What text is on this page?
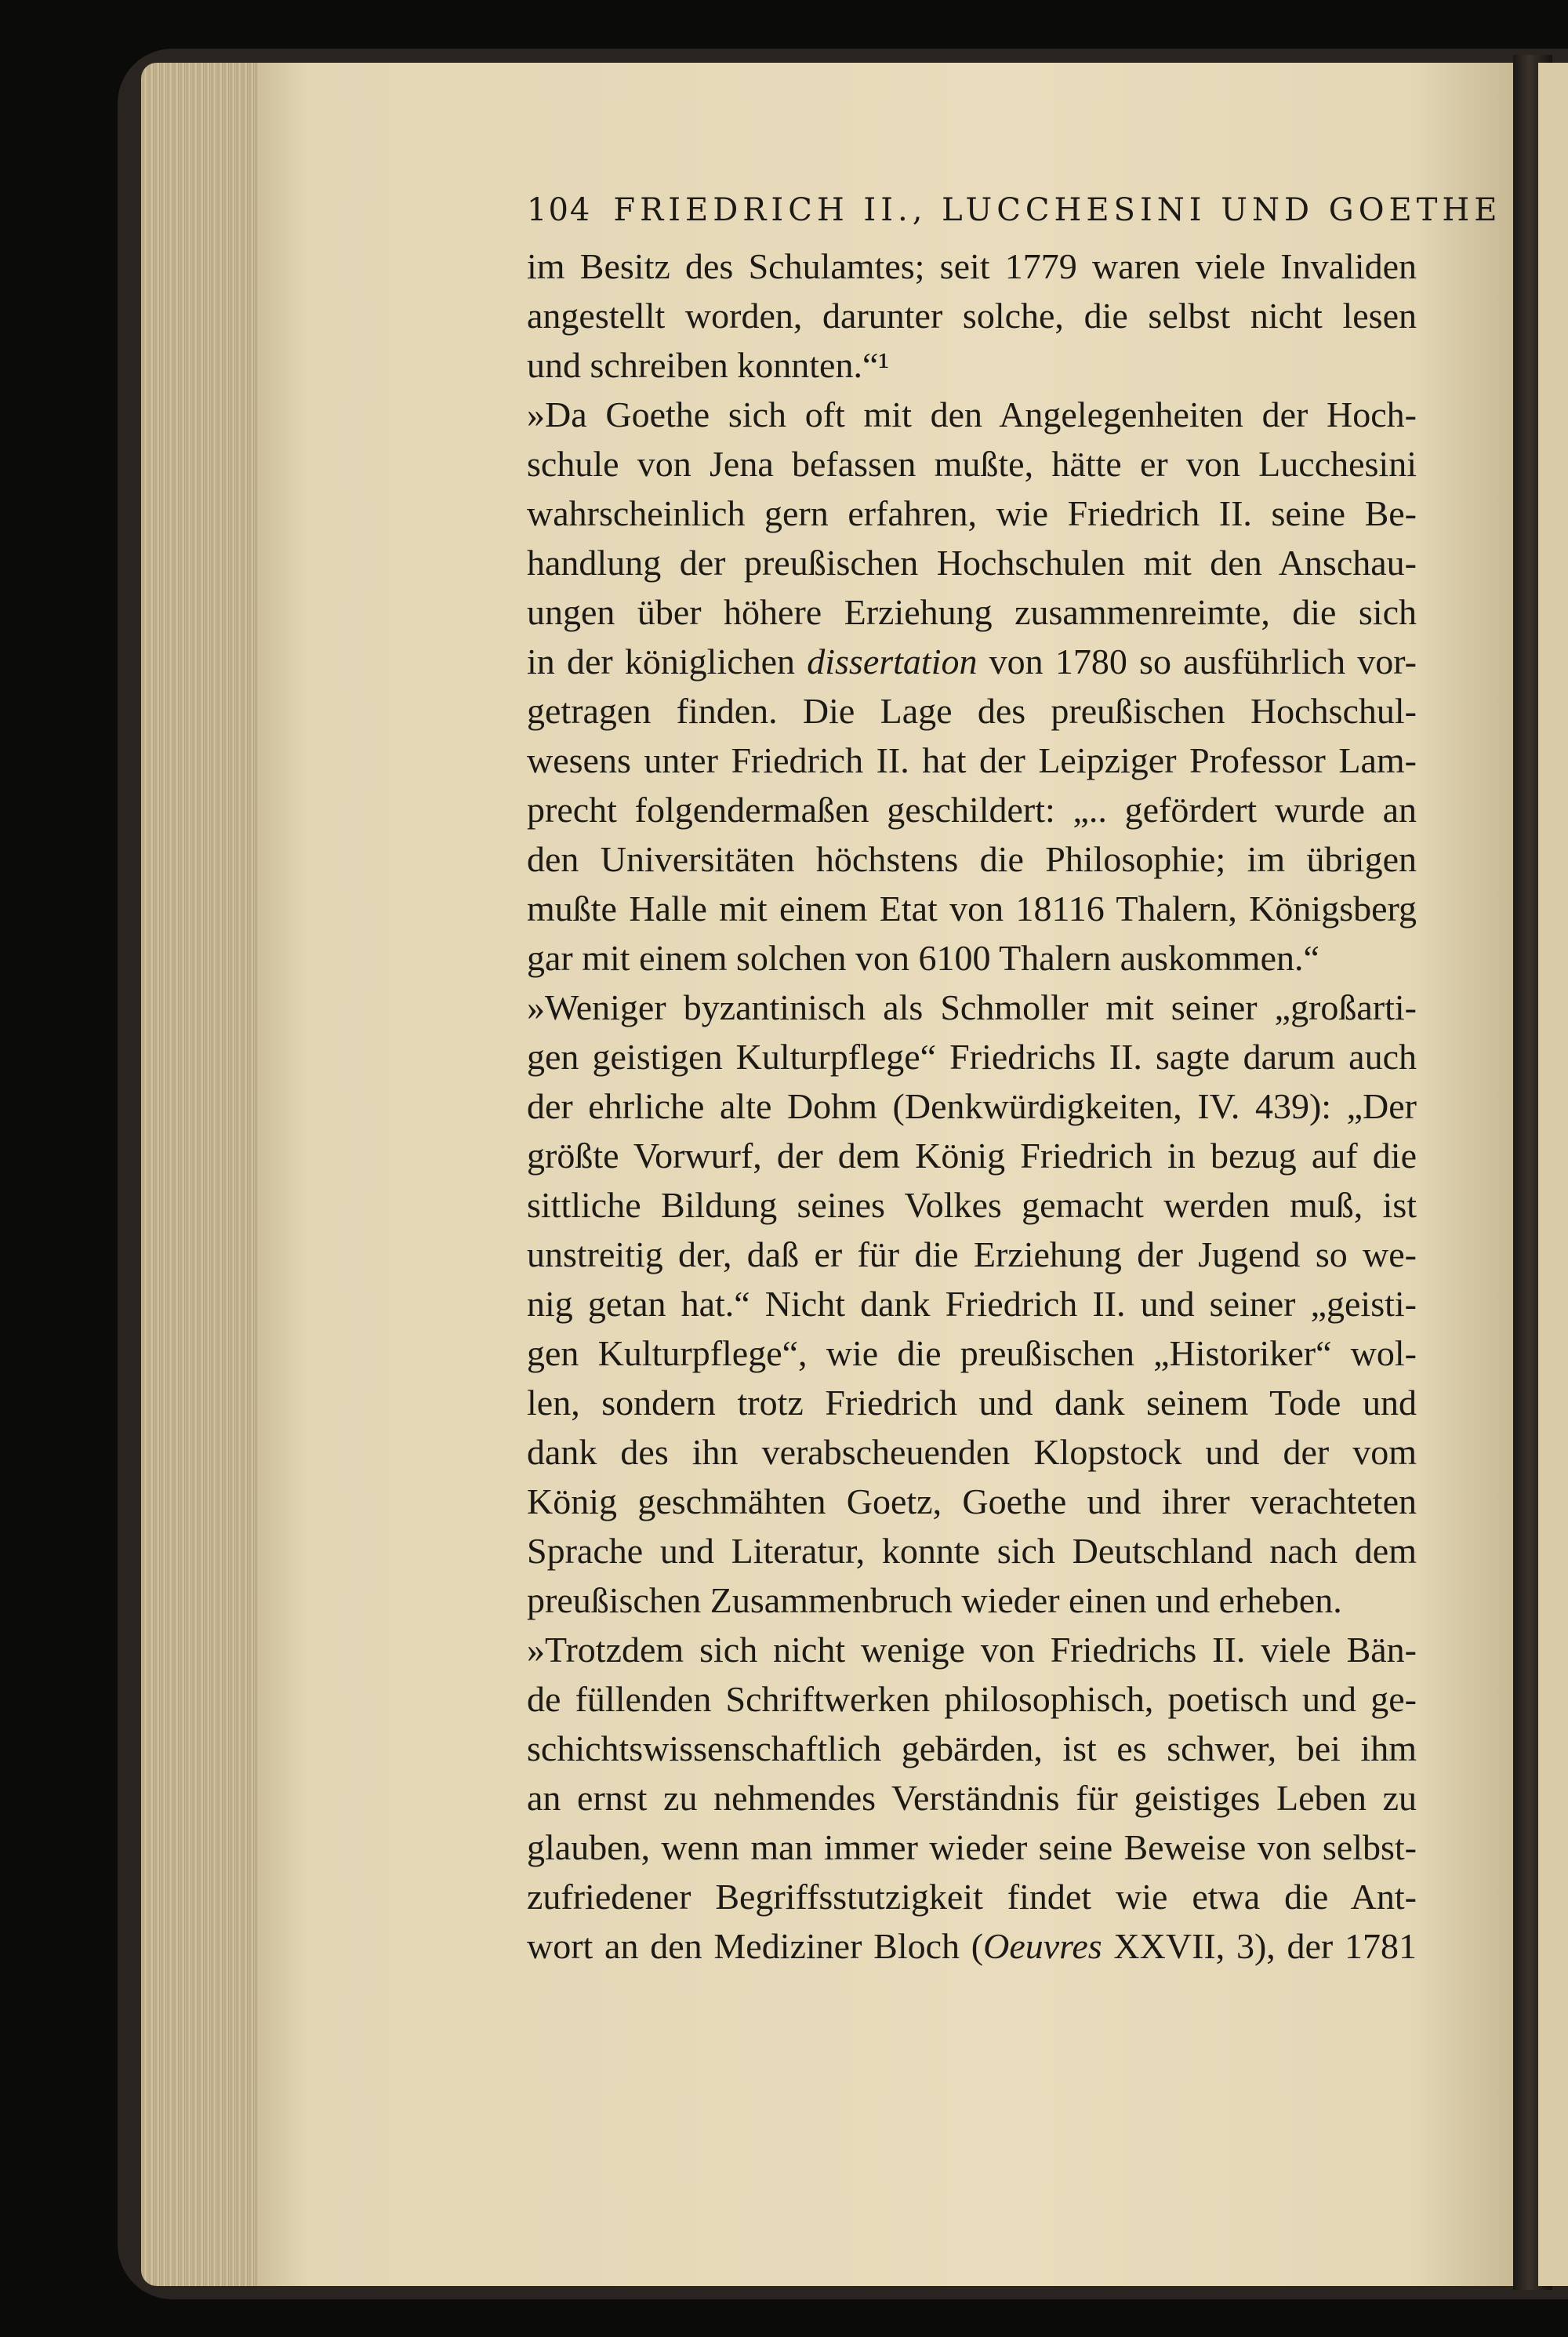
104 FRIEDRICH II., LUCCHESINI UND GOETHE
im Besitz des Schulamtes; seit 1779 waren viele Invaliden
angestellt worden, darunter solche, die selbst nicht lesen
und schreiben konnten.“¹
»Da Goethe sich oft mit den Angelegenheiten der Hoch-
schule von Jena befassen mußte, hätte er von Lucchesini
wahrscheinlich gern erfahren, wie Friedrich II. seine Be-
handlung der preußischen Hochschulen mit den Anschau-
ungen über höhere Erziehung zusammenreimte, die sich
in der königlichen dissertation von 1780 so ausführlich vor-
getragen finden. Die Lage des preußischen Hochschul-
wesens unter Friedrich II. hat der Leipziger Professor Lam-
precht folgendermaßen geschildert: „.. gefördert wurde an
den Universitäten höchstens die Philosophie; im übrigen
mußte Halle mit einem Etat von 18116 Thalern, Königsberg
gar mit einem solchen von 6100 Thalern auskommen.“
»Weniger byzantinisch als Schmoller mit seiner „großarti-
gen geistigen Kulturpflege“ Friedrichs II. sagte darum auch
der ehrliche alte Dohm (Denkwürdigkeiten, IV. 439): „Der
größte Vorwurf, der dem König Friedrich in bezug auf die
sittliche Bildung seines Volkes gemacht werden muß, ist
unstreitig der, daß er für die Erziehung der Jugend so we-
nig getan hat.“ Nicht dank Friedrich II. und seiner „geisti-
gen Kulturpflege“, wie die preußischen „Historiker“ wol-
len, sondern trotz Friedrich und dank seinem Tode und
dank des ihn verabscheuenden Klopstock und der vom
König geschmähten Goetz, Goethe und ihrer verachteten
Sprache und Literatur, konnte sich Deutschland nach dem
preußischen Zusammenbruch wieder einen und erheben.
»Trotzdem sich nicht wenige von Friedrichs II. viele Bän-
de füllenden Schriftwerken philosophisch, poetisch und ge-
schichtswissenschaftlich gebärden, ist es schwer, bei ihm
an ernst zu nehmendes Verständnis für geistiges Leben zu
glauben, wenn man immer wieder seine Beweise von selbst-
zufriedener Begriffsstutzigkeit findet wie etwa die Ant-
wort an den Mediziner Bloch (Oeuvres XXVII, 3), der 1781
